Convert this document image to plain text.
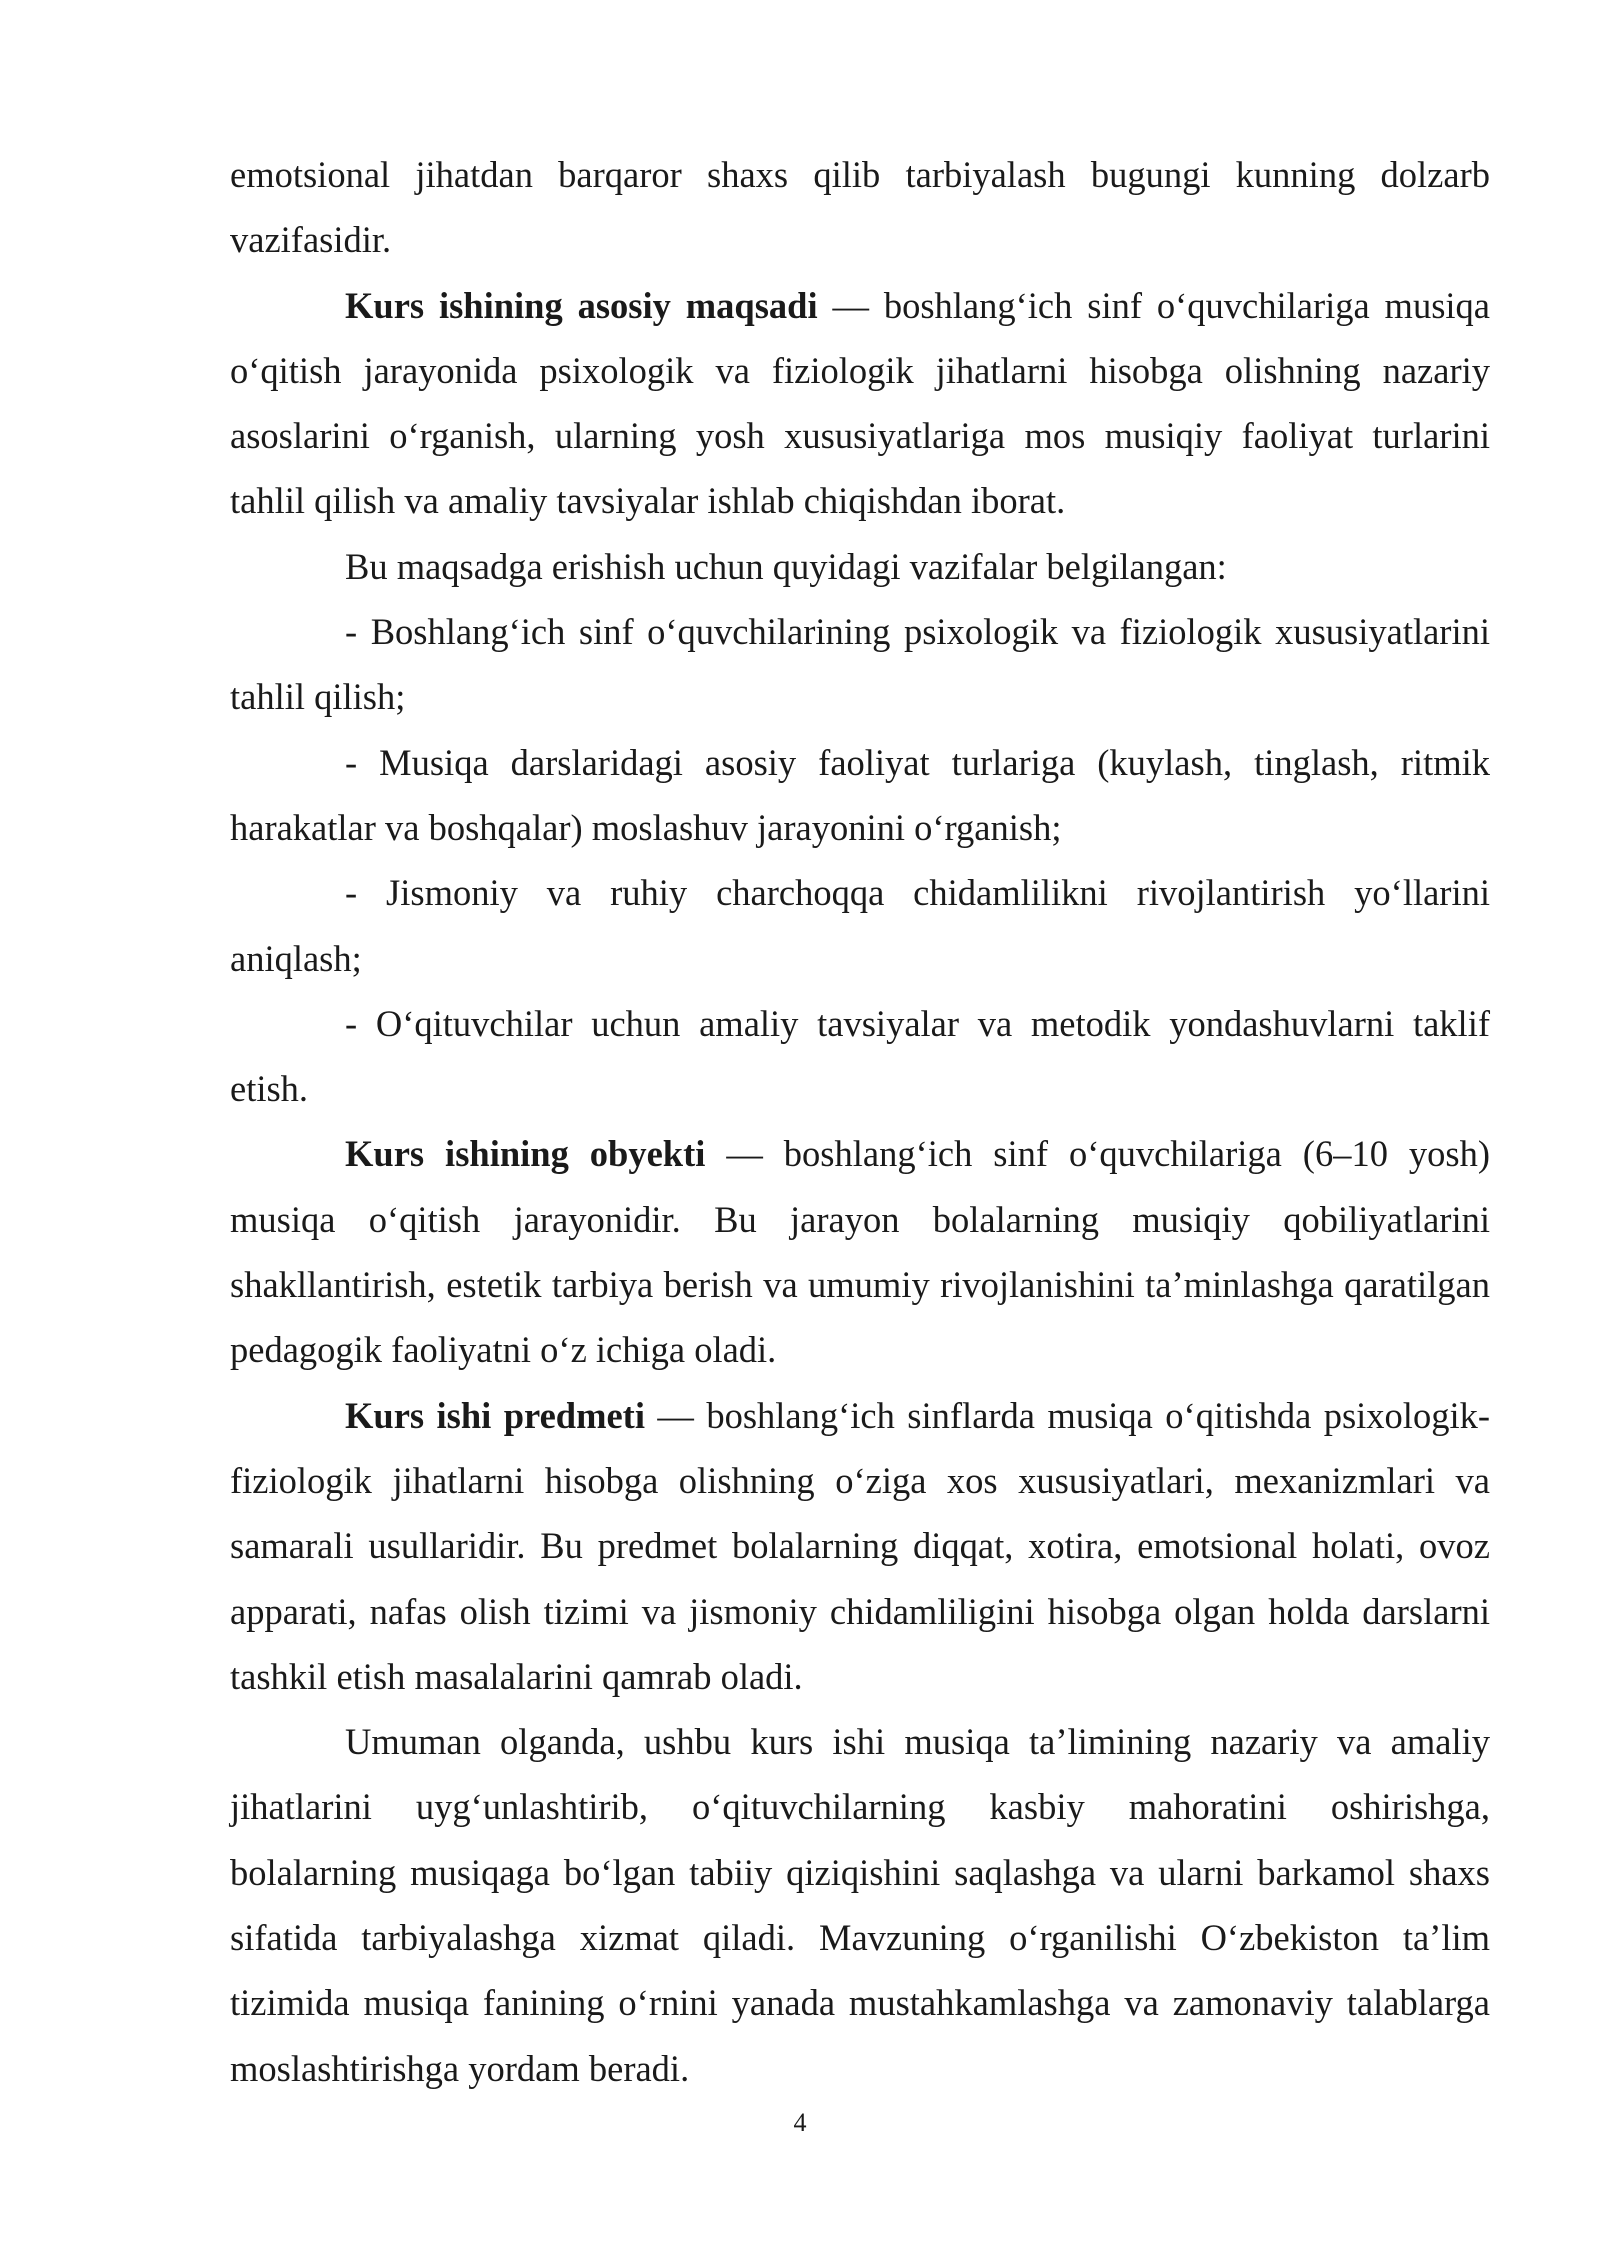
emotsional jihatdan barqaror shaxs qilib tarbiyalash bugungi kunning dolzarb vazifasidir.

Kurs ishining asosiy maqsadi — boshlang‘ich sinf o‘quvchilariga musiqa o‘qitish jarayonida psixologik va fiziologik jihatlarni hisobga olishning nazariy asoslarini o‘rganish, ularning yosh xususiyatlariga mos musiqiy faoliyat turlarini tahlil qilish va amaliy tavsiyalar ishlab chiqishdan iborat.

Bu maqsadga erishish uchun quyidagi vazifalar belgilangan:

- Boshlang‘ich sinf o‘quvchilarining psixologik va fiziologik xususiyatlarini tahlil qilish;

- Musiqa darslaridagi asosiy faoliyat turlariga (kuylash, tinglash, ritmik harakatlar va boshqalar) moslashuv jarayonini o‘rganish;

- Jismoniy va ruhiy charchoqqa chidamlilikni rivojlantirish yo‘llarini aniqlash;

- O‘qituvchilar uchun amaliy tavsiyalar va metodik yondashuvlarni taklif etish.

Kurs ishining obyekti — boshlang‘ich sinf o‘quvchilariga (6–10 yosh) musiqa o‘qitish jarayonidir. Bu jarayon bolalarning musiqiy qobiliyatlarini shakllantirish, estetik tarbiya berish va umumiy rivojlanishini ta’minlashga qaratilgan pedagogik faoliyatni o‘z ichiga oladi.

Kurs ishi predmeti — boshlang‘ich sinflarda musiqa o‘qitishda psixologik-fiziologik jihatlarni hisobga olishning o‘ziga xos xususiyatlari, mexanizmlari va samarali usullaridir. Bu predmet bolalarning diqqat, xotira, emotsional holati, ovoz apparati, nafas olish tizimi va jismoniy chidamliligini hisobga olgan holda darslarni tashkil etish masalalarini qamrab oladi.

Umuman olganda, ushbu kurs ishi musiqa ta’limining nazariy va amaliy jihatlarini uyg‘unlashtirib, o‘qituvchilarning kasbiy mahoratini oshirishga, bolalarning musiqaga bo‘lgan tabiiy qiziqishini saqlashga va ularni barkamol shaxs sifatida tarbiyalashga xizmat qiladi. Mavzuning o‘rganilishi O‘zbekiston ta’lim tizimida musiqa fanining o‘rnini yanada mustahkamlashga va zamonaviy talablarga moslashtirishga yordam beradi.

4
